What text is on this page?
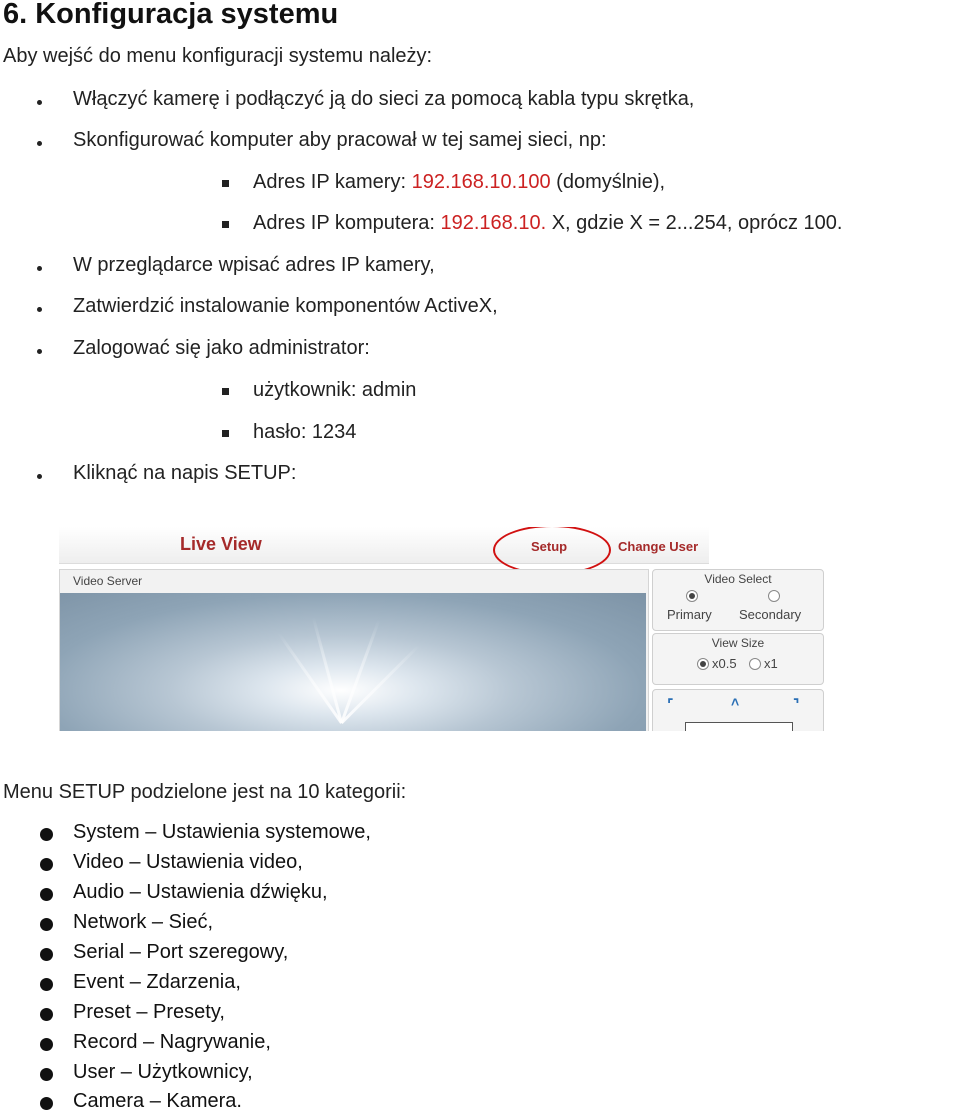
6. Konfiguracja systemu
Aby wejść do menu konfiguracji systemu należy:
Włączyć kamerę i podłączyć ją do sieci za pomocą kabla typu skrętka,
Skonfigurować komputer aby pracował w tej samej sieci, np:
Adres IP kamery: 192.168.10.100 (domyślnie),
Adres IP komputera: 192.168.10. X, gdzie X = 2...254, oprócz 100.
W przeglądarce wpisać adres IP kamery,
Zatwierdzić instalowanie komponentów ActiveX,
Zalogować się jako administrator:
użytkownik: admin
hasło: 1234
Kliknąć na napis SETUP:
Live View	Setup	Change User
Video Server	Video Select
Primary Secondary
View Size
x0.5 x1
⌜	˄	⌝
Menu SETUP podzielone jest na 10 kategorii:
System – Ustawienia systemowe,
Video – Ustawienia video,
Audio – Ustawienia dźwięku,
Network – Sieć,
Serial – Port szeregowy,
Event – Zdarzenia,
Preset – Presety,
Record – Nagrywanie,
User – Użytkownicy,
Camera – Kamera.
